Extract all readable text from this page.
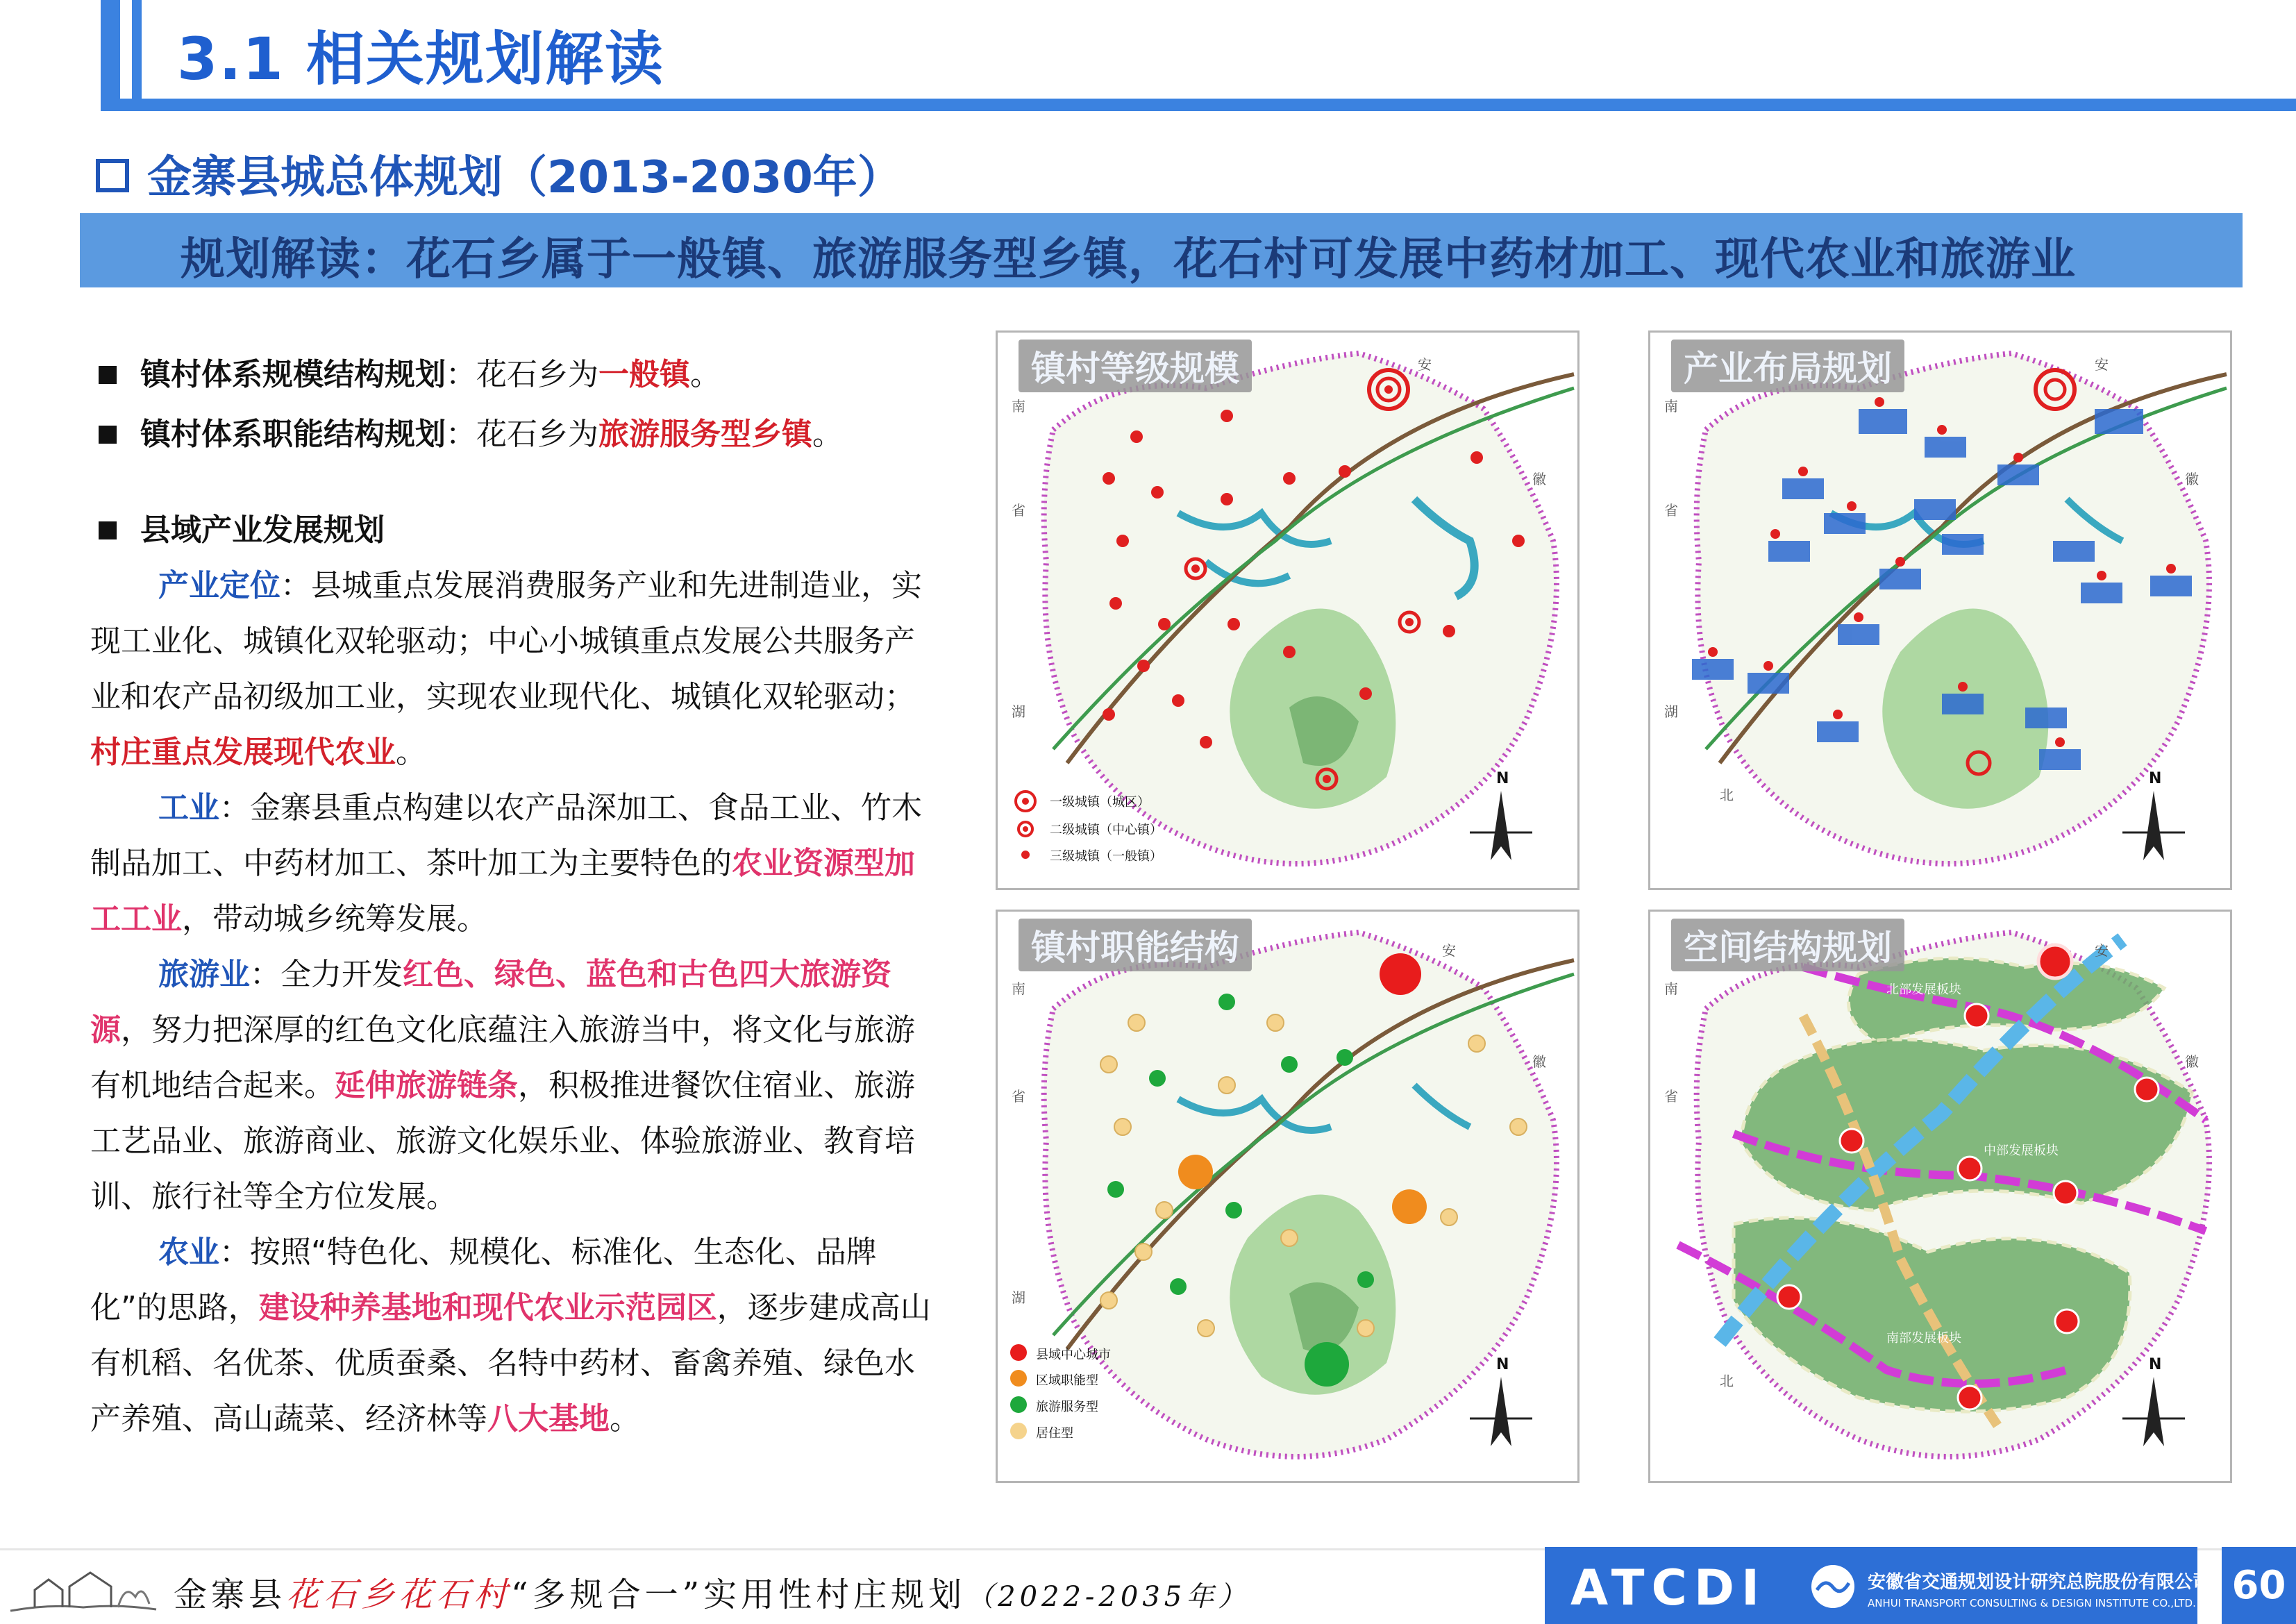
3.1 相关规划解读
金寨县城总体规划（2013-2030年）
规划解读：花石乡属于一般镇、旅游服务型乡镇，花石村可发展中药材加工、现代农业和旅游业
镇村体系规模结构规划：花石乡为一般镇。
镇村体系职能结构规划：花石乡为旅游服务型乡镇。
县域产业发展规划
产业定位：县城重点发展消费服务产业和先进制造业，实现工业化、城镇化双轮驱动；中心小城镇重点发展公共服务产业和农产品初级加工业，实现农业现代化、城镇化双轮驱动；村庄重点发展现代农业。
工业：金寨县重点构建以农产品深加工、食品工业、竹木制品加工、中药材加工、茶叶加工为主要特色的农业资源型加工工业，带动城乡统筹发展。
旅游业：全力开发红色、绿色、蓝色和古色四大旅游资源，努力把深厚的红色文化底蕴注入旅游当中，将文化与旅游有机地结合起来。延伸旅游链条，积极推进餐饮住宿业、旅游工艺品业、旅游商业、旅游文化娱乐业、体验旅游业、教育培训、旅行社等全方位发展。
农业：按照“特色化、规模化、标准化、生态化、品牌化”的思路，建设种养基地和现代农业示范园区，逐步建成高山有机稻、名优茶、优质蚕桑、名特中药材、畜禽养殖、绿色水产养殖、高山蔬菜、经济林等八大基地。
镇村等级规模
一级城镇（城区）
二级城镇（中心镇）
三级城镇（一般镇）
N
安
徽
省
湖
南
产业布局规划
N
安
徽
省
湖
北
南
镇村职能结构
县域中心城市
区域职能型
旅游服务型
居住型
N
安
徽
省
湖
南
空间结构规划
北部发展板块
中部发展板块
南部发展板块
N
安
徽
省
北
南
金寨县花石乡花石村“多规合一”实用性村庄规划（2022-2035年）	ATCDI	安徽省交通规划设计研究总院股份有限公司
ANHUI TRANSPORT CONSULTING & DESIGN INSTITUTE CO.,LTD. 60
